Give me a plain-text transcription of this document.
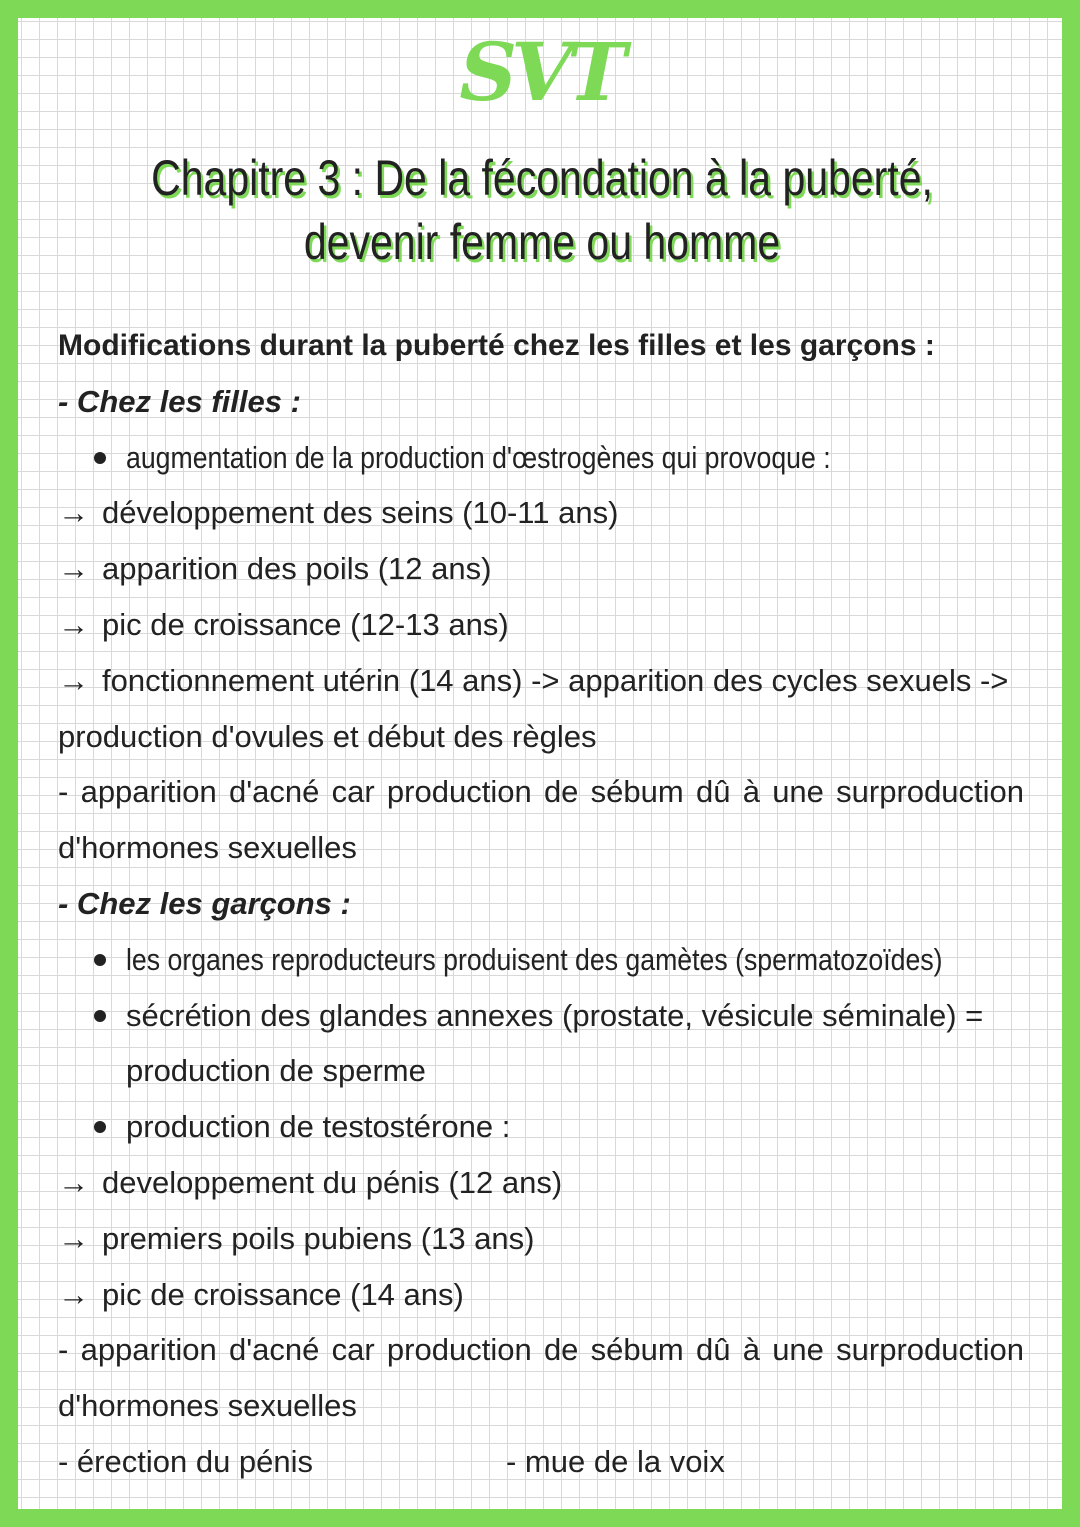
SVT
Chapitre 3 : De la fécondation à la puberté, devenir femme ou homme
Modifications durant la puberté chez les filles et les garçons :
- Chez les filles :
augmentation de la production d'œstrogènes qui provoque :
→ développement des seins (10-11 ans)
→ apparition des poils (12 ans)
→ pic de croissance (12-13 ans)
→ fonctionnement utérin (14 ans) -> apparition des cycles sexuels -> production d'ovules et début des règles
- apparition d'acné car production de sébum dû à une surproduction
d'hormones sexuelles
- Chez les garçons :
les organes reproducteurs produisent des gamètes (spermatozoïdes)
sécrétion des glandes annexes (prostate, vésicule séminale) = production de sperme
production de testostérone :
→ developpement du pénis (12 ans)
→ premiers poils pubiens (13 ans)
→ pic de croissance (14 ans)
- apparition d'acné car production de sébum dû à une surproduction
d'hormones sexuelles
- érection du pénis	- mue de la voix
